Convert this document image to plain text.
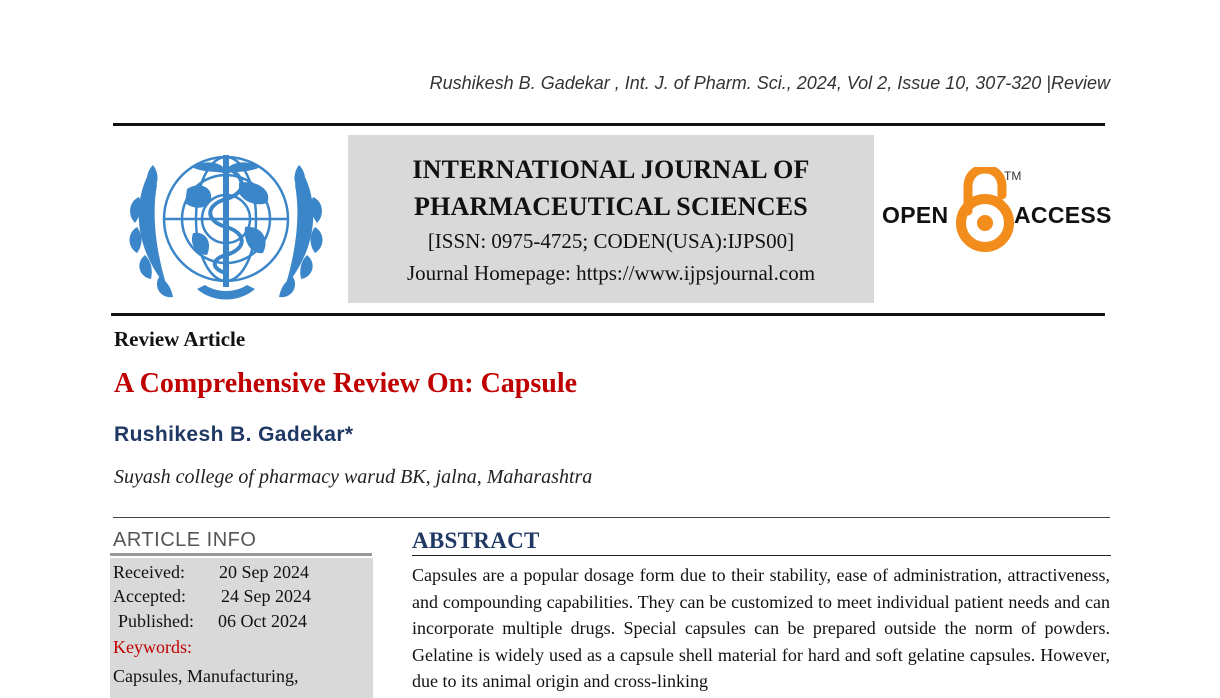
Rushikesh B. Gadekar , Int. J. of Pharm. Sci., 2024, Vol 2, Issue 10, 307-320 |Review
INTERNATIONAL JOURNAL OF
PHARMACEUTICAL SCIENCES
[ISSN: 0975-4725; CODEN(USA):IJPS00]
Journal Homepage: https://www.ijpsjournal.com
OPEN
TM
ACCESS
Review Article
A Comprehensive Review On: Capsule
Rushikesh B. Gadekar*
Suyash college of pharmacy warud BK, jalna, Maharashtra
ARTICLE INFO
Received: 20 Sep 2024
Accepted: 24 Sep 2024
Published: 06 Oct 2024
Keywords:
Capsules, Manufacturing,
ABSTRACT
Capsules are a popular dosage form due to their stability, ease of administration, attractiveness, and compounding capabilities. They can be customized to meet individual patient needs and can incorporate multiple drugs. Special capsules can be prepared outside the norm of powders. Gelatine is widely used as a capsule shell material for hard and soft gelatine capsules. However, due to its animal origin and cross-linking
